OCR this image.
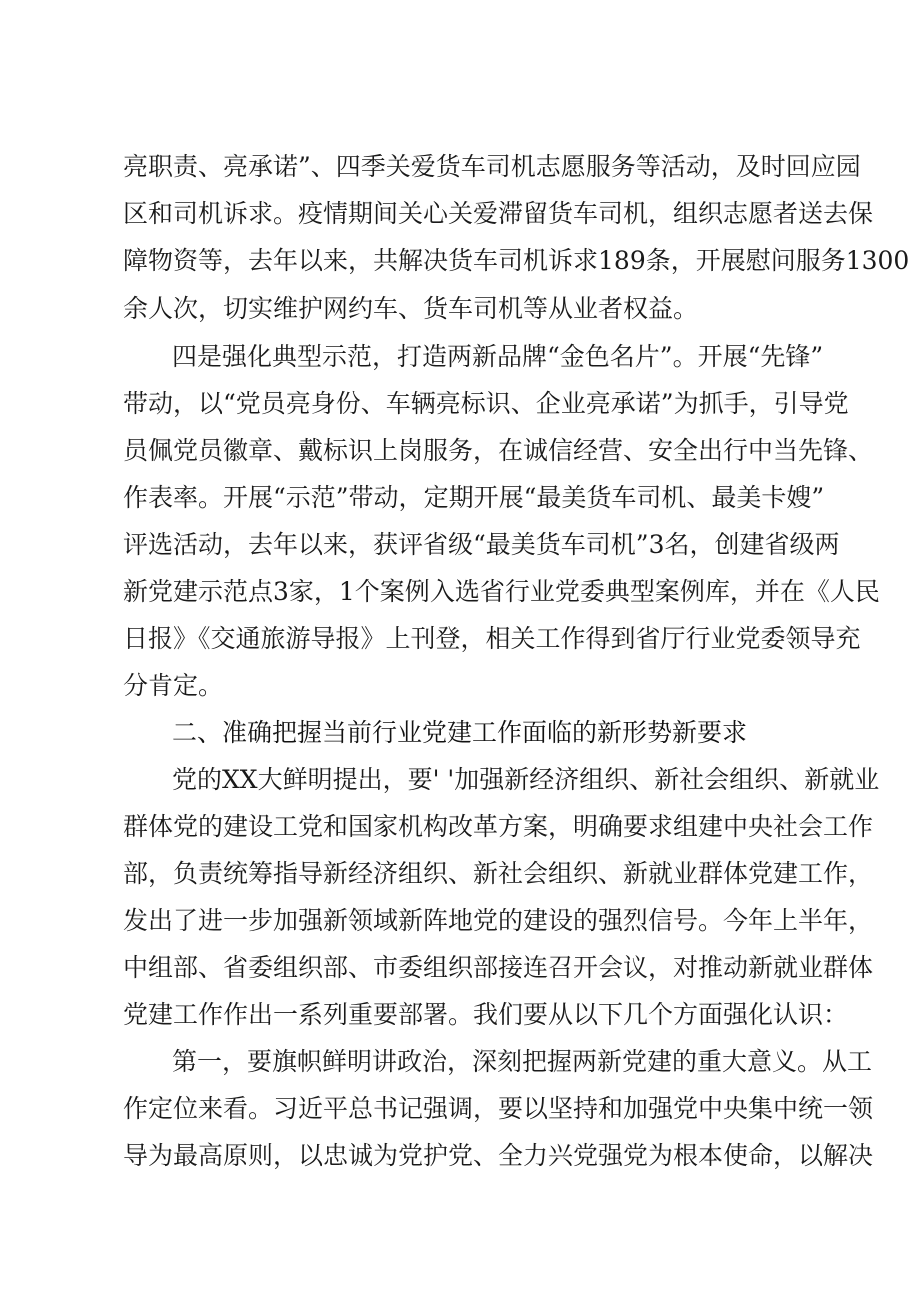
亮职责、亮承诺”、四季关爱货车司机志愿服务等活动，及时回应园
区和司机诉求。疫情期间关心关爱滞留货车司机，组织志愿者送去保
障物资等，去年以来，共解决货车司机诉求189条，开展慰问服务1300
余人次，切实维护网约车、货车司机等从业者权益。
四是强化典型示范，打造两新品牌“金色名片”。开展“先锋”
带动，以“党员亮身份、车辆亮标识、企业亮承诺”为抓手，引导党
员佩党员徽章、戴标识上岗服务，在诚信经营、安全出行中当先锋、
作表率。开展“示范”带动，定期开展“最美货车司机、最美卡嫂”
评选活动，去年以来，获评省级“最美货车司机”3名，创建省级两
新党建示范点3家，1个案例入选省行业党委典型案例库，并在《人民
日报》《交通旅游导报》上刊登，相关工作得到省厅行业党委领导充
分肯定。
二、准确把握当前行业党建工作面临的新形势新要求
党的XX大鲜明提出，要' '加强新经济组织、新社会组织、新就业
群体党的建设工党和国家机构改革方案，明确要求组建中央社会工作
部，负责统筹指导新经济组织、新社会组织、新就业群体党建工作，
发出了进一步加强新领域新阵地党的建设的强烈信号。今年上半年，
中组部、省委组织部、市委组织部接连召开会议，对推动新就业群体
党建工作作出一系列重要部署。我们要从以下几个方面强化认识：
第一，要旗帜鲜明讲政治，深刻把握两新党建的重大意义。从工
作定位来看。习近平总书记强调，要以坚持和加强党中央集中统一领
导为最高原则，以忠诚为党护党、全力兴党强党为根本使命，以解决
